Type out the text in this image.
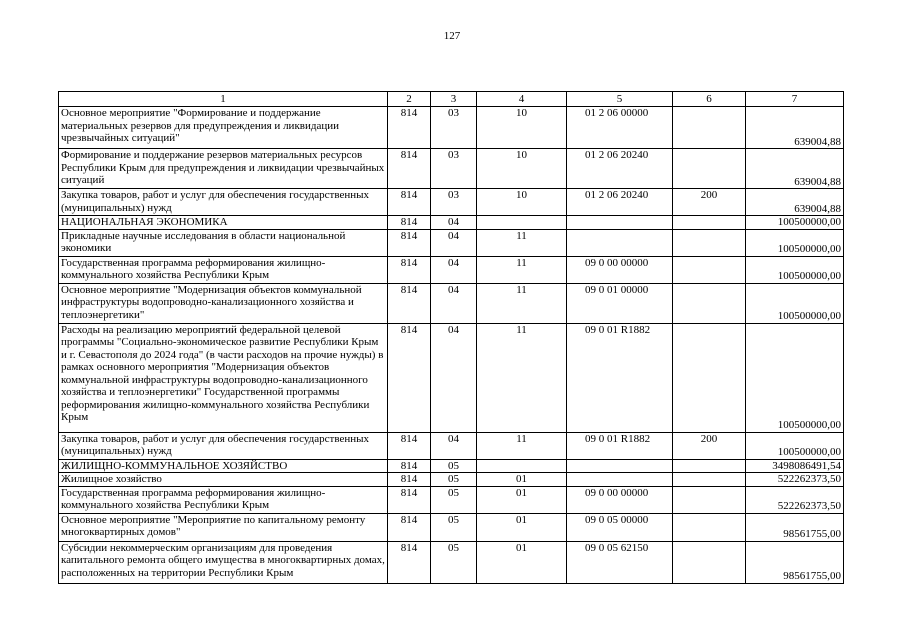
127
1	2	3	4	5	6	7
Основное мероприятие "Формирование и поддержание материальных резервов для предупреждения и ликвидации чрезвычайных ситуаций"	814	03	10	01 2 06 00000		639004,88
Формирование и поддержание резервов материальных ресурсов Республики Крым для предупреждения и ликвидации чрезвычайных ситуаций	814	03	10	01 2 06 20240		639004,88
Закупка товаров, работ и услуг для обеспечения государственных (муниципальных) нужд	814	03	10	01 2 06 20240	200	639004,88
НАЦИОНАЛЬНАЯ ЭКОНОМИКА	814	04				100500000,00
Прикладные научные исследования в области национальной экономики	814	04	11			100500000,00
Государственная программа реформирования жилищно-коммунального хозяйства Республики Крым	814	04	11	09 0 00 00000		100500000,00
Основное мероприятие "Модернизация объектов коммунальной инфраструктуры водопроводно-канализационного хозяйства и теплоэнергетики"	814	04	11	09 0 01 00000		100500000,00
Расходы на реализацию мероприятий федеральной целевой программы "Социально-экономическое развитие Республики Крым и г. Севастополя до 2024 года" (в части расходов на прочие нужды) в рамках основного мероприятия "Модернизация объектов коммунальной инфраструктуры водопроводно-канализационного хозяйства и теплоэнергетики" Государственной программы реформирования жилищно-коммунального хозяйства Республики Крым	814	04	11	09 0 01 R1882		100500000,00
Закупка товаров, работ и услуг для обеспечения государственных (муниципальных) нужд	814	04	11	09 0 01 R1882	200	100500000,00
ЖИЛИЩНО-КОММУНАЛЬНОЕ ХОЗЯЙСТВО	814	05				3498086491,54
Жилищное хозяйство	814	05	01			522262373,50
Государственная программа реформирования жилищно-коммунального хозяйства Республики Крым	814	05	01	09 0 00 00000		522262373,50
Основное мероприятие "Мероприятие по капитальному ремонту многоквартирных домов"	814	05	01	09 0 05 00000		98561755,00
Субсидии некоммерческим организациям для проведения капитального ремонта общего имущества в многоквартирных домах, расположенных на территории Республики Крым	814	05	01	09 0 05 62150		98561755,00
